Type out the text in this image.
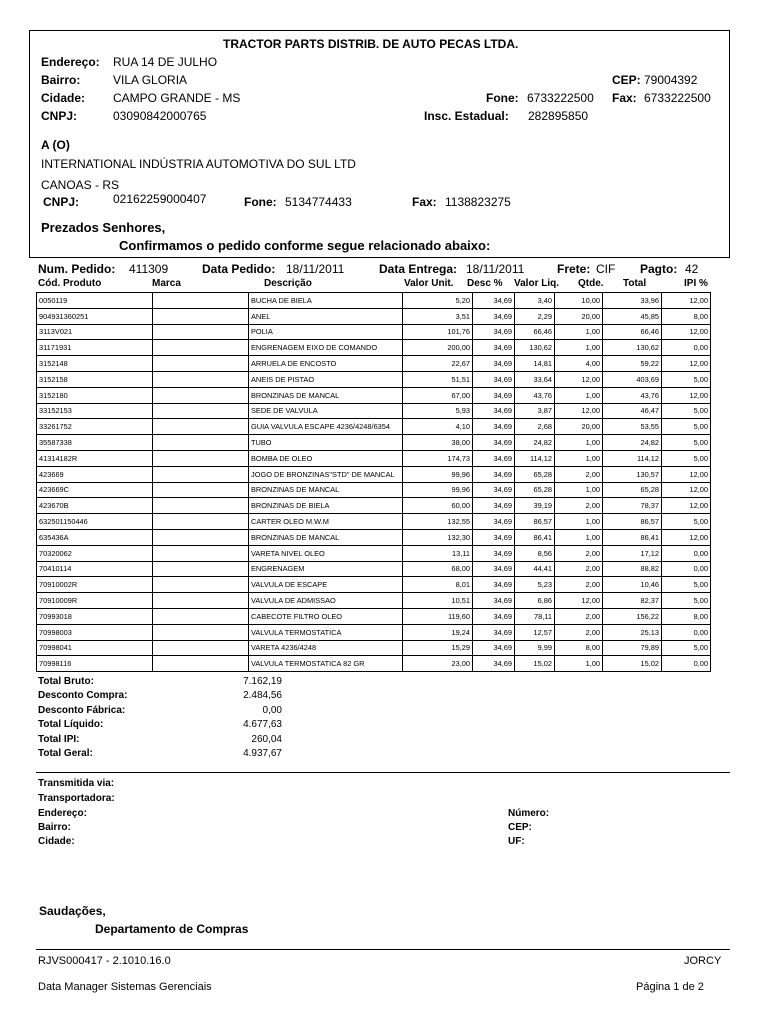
TRACTOR PARTS DISTRIB. DE AUTO PECAS LTDA.
Endereço: RUA 14 DE JULHO
Bairro:	VILA GLORIA	CEP: 79004392
Cidade: CAMPO GRANDE - MS	Fone: 6733222500 Fax: 6733222500
CNPJ:	03090842000765	Insc. Estadual: 282895850
A (O)
INTERNATIONAL INDÚSTRIA AUTOMOTIVA DO SUL LTD
CANOAS - RS
CNPJ:	02162259000407	Fone: 5134774433	Fax: 1138823275
Prezados Senhores,
Confirmamos o pedido conforme segue relacionado abaixo:
Num. Pedido: 411309	Data Pedido: 18/11/2011	Data Entrega: 18/11/2011	Frete: CIF Pagto: 42
Cód. Produto	Marca	Descrição	Valor Unit. Desc % Valor Liq. Qtde. Total	IPI %
0050119		BUCHA DE BIELA	5,20	34,69	3,40	10,00	33,96	12,00
904931360251		ANEL	3,51	34,69	2,29	20,00	45,85	8,00
3113V021		POLIA	101,76	34,69	66,46	1,00	66,46	12,00
31171931		ENGRENAGEM EIXO DE COMANDO	200,00	34,69	130,62	1,00	130,62	0,00
3152148		ARRUELA DE ENCOSTO	22,67	34,69	14,81	4,00	59,22	12,00
3152158		ANEIS DE PISTAO	51,51	34,69	33,64	12,00	403,69	5,00
3152180		BRONZINAS DE MANCAL	67,00	34,69	43,76	1,00	43,76	12,00
33152153		SEDE DE VALVULA	5,93	34,69	3,87	12,00	46,47	5,00
33261752		GUIA VALVULA ESCAPE 4236/4248/6354	4,10	34,69	2,68	20,00	53,55	5,00
35587338		TUBO	38,00	34,69	24,82	1,00	24,82	5,00
41314182R		BOMBA DE OLEO	174,73	34,69	114,12	1,00	114,12	5,00
423669		JOGO DE BRONZINAS"STD" DE MANCAL	99,96	34,69	65,28	2,00	130,57	12,00
423669C		BRONZINAS DE MANCAL	99,96	34,69	65,28	1,00	65,28	12,00
423670B		BRONZINAS DE BIELA	60,00	34,69	39,19	2,00	78,37	12,00
632501150446		CARTER OLEO M.W.M	132,55	34,69	86,57	1,00	86,57	5,00
635436A		BRONZINAS DE MANCAL	132,30	34,69	86,41	1,00	86,41	12,00
70320062		VARETA NIVEL OLEO	13,11	34,69	8,56	2,00	17,12	0,00
70410114		ENGRENAGEM	68,00	34,69	44,41	2,00	88,82	0,00
70910002R		VALVULA DE ESCAPE	8,01	34,69	5,23	2,00	10,46	5,00
70910009R		VALVULA DE ADMISSAO	10,51	34,69	6,86	12,00	82,37	5,00
70993018		CABECOTE FILTRO OLEO	119,60	34,69	78,11	2,00	156,22	8,00
70998003		VALVULA TERMOSTATICA	19,24	34,69	12,57	2,00	25,13	0,00
70998041		VARETA 4236/4248	15,29	34,69	9,99	8,00	79,89	5,00
70998116		VALVULA TERMOSTATICA 82 GR	23,00	34,69	15,02	1,00	15,02	0,00
Total Bruto:	7.162,19
Desconto Compra:	2.484,56
Desconto Fábrica:	0,00
Total Líquido:	4.677,63
Total IPI:	260,04
Total Geral:	4.937,67
Transmitida via:
Transportadora:
Endereço:
Bairro:
Cidade:
Número:
CEP:
UF:
Saudações,
Departamento de Compras
RJVS000417 - 2.1010.16.0	JORCY
Data Manager Sistemas Gerenciais	Página 1 de 2
